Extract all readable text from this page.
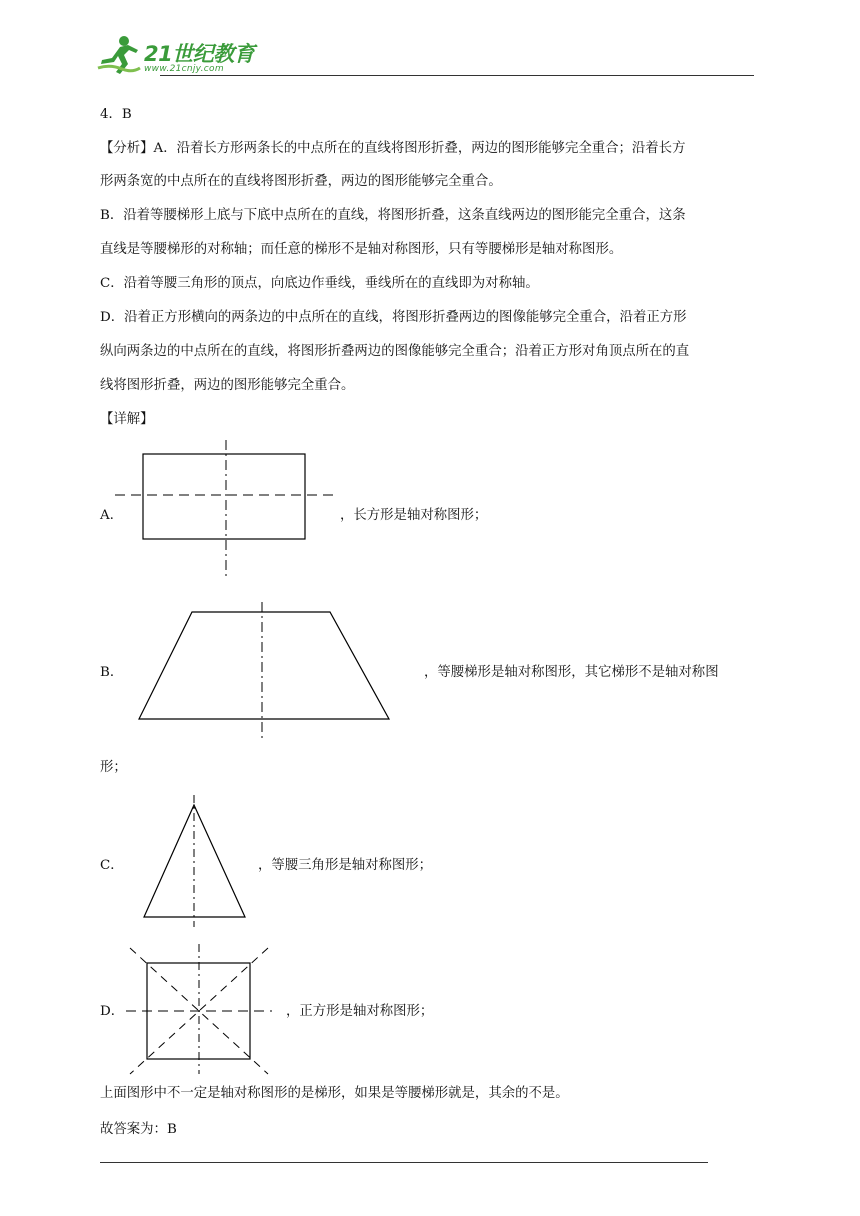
21世纪教育
www.21cnjy.com
4．B
【分析】A．沿着长方形两条长的中点所在的直线将图形折叠，两边的图形能够完全重合；沿着长方
形两条宽的中点所在的直线将图形折叠，两边的图形能够完全重合。
B．沿着等腰梯形上底与下底中点所在的直线，将图形折叠，这条直线两边的图形能完全重合，这条
直线是等腰梯形的对称轴；而任意的梯形不是轴对称图形，只有等腰梯形是轴对称图形。
C．沿着等腰三角形的顶点，向底边作垂线，垂线所在的直线即为对称轴。
D．沿着正方形横向的两条边的中点所在的直线，将图形折叠两边的图像能够完全重合，沿着正方形
纵向两条边的中点所在的直线，将图形折叠两边的图像能够完全重合；沿着正方形对角顶点所在的直
线将图形折叠，两边的图形能够完全重合。
【详解】
A.	，长方形是轴对称图形；
B．	，等腰梯形是轴对称图形，其它梯形不是轴对称图
形；
C．	，等腰三角形是轴对称图形；
D．	，正方形是轴对称图形；
上面图形中不一定是轴对称图形的是梯形，如果是等腰梯形就是，其余的不是。
故答案为：B
